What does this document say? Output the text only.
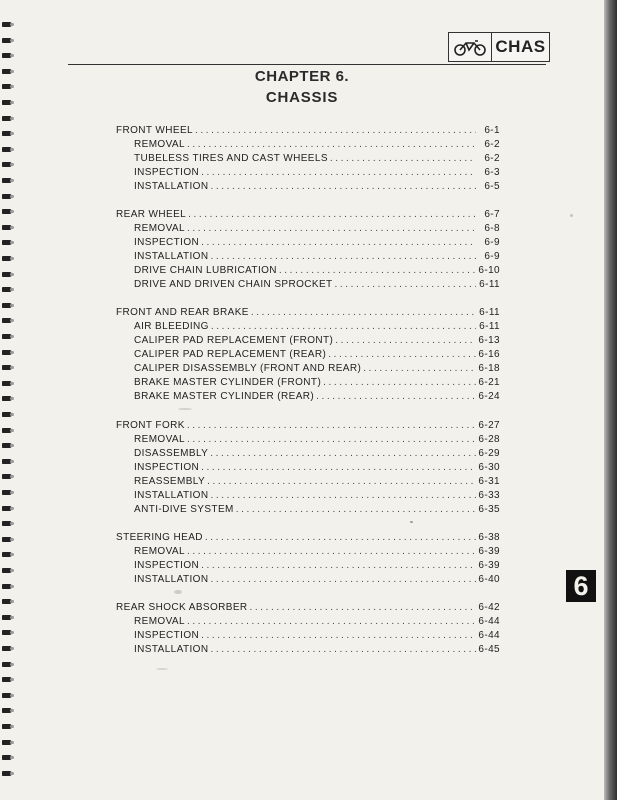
CHAS
CHAPTER 6.
CHASSIS
FRONT WHEEL .....	6-1
REMOVAL .....	6-2
TUBELESS TIRES AND CAST WHEELS .....	6-2
INSPECTION .....	6-3
INSTALLATION .....	6-5
REAR WHEEL .....	6-7
REMOVAL .....	6-8
INSPECTION .....	6-9
INSTALLATION .....	6-9
DRIVE CHAIN LUBRICATION .....	6-10
DRIVE AND DRIVEN CHAIN SPROCKET .....	6-11
FRONT AND REAR BRAKE .....	6-11
AIR BLEEDING .....	6-11
CALIPER PAD REPLACEMENT (FRONT) .....	6-13
CALIPER PAD REPLACEMENT (REAR) .....	6-16
CALIPER DISASSEMBLY (FRONT AND REAR) .....	6-18
BRAKE MASTER CYLINDER (FRONT) .....	6-21
BRAKE MASTER CYLINDER (REAR) .....	6-24
FRONT FORK .....	6-27
REMOVAL .....	6-28
DISASSEMBLY .....	6-29
INSPECTION .....	6-30
REASSEMBLY .....	6-31
INSTALLATION .....	6-33
ANTI-DIVE SYSTEM .....	6-35
STEERING HEAD .....	6-38
REMOVAL .....	6-39
INSPECTION .....	6-39
INSTALLATION .....	6-40
REAR SHOCK ABSORBER .....	6-42
REMOVAL .....	6-44
INSPECTION .....	6-44
INSTALLATION .....	6-45
6
